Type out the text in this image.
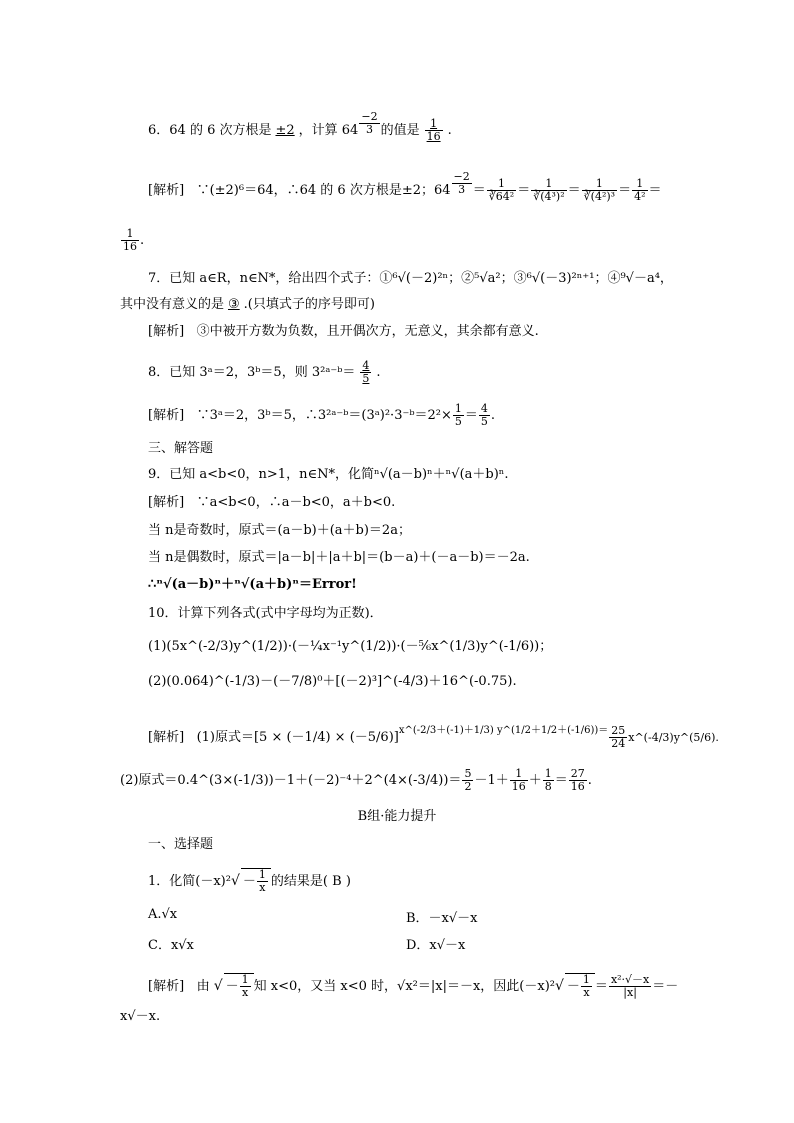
6．64 的 6 次方根是 ±2 ，计算 $64 \frac{-2}{3}$ 的值是 $\frac{1}{16}$ .
[解析] ∵(±2)⁶＝64，∴64 的 6 次方根是±2；$64 \frac{-2}{3} = \frac{1}{\text{∛64²}} = \frac{1}{\text{∛(4³)²}} = \frac{1}{\text{∛(4²)³}} = \frac{1}{\text{4²}}$ ＝
$\frac{1}{16}$ .
7．已知 a∈R，n∈N*，给出四个式子：①⁶√(－2)²ⁿ；②⁵√a²；③⁶√(－3)²ⁿ⁺¹；④⁹√－a⁴，
其中没有意义的是 ③ .(只填式子的序号即可)
[解析] ③中被开方数为负数，且开偶次方，无意义，其余都有意义.
8．已知 3ᵃ＝2，3ᵇ＝5，则 3²ᵃ⁻ᵇ＝ $\frac{4}{5}$ .
[解析] ∵3ᵃ＝2，3ᵇ＝5，∴3²ᵃ⁻ᵇ＝(3ᵃ)²·3⁻ᵇ＝2²× $\frac{1}{5} = \frac{4}{5}$ .
三、解答题
9．已知 a<b<0，n>1，n∈N*，化简ⁿ√(a－b)ⁿ＋ⁿ√(a＋b)ⁿ.
[解析] ∵a<b<0，∴a－b<0，a＋b<0.
当 n是奇数时，原式＝(a－b)＋(a＋b)＝2a；
当 n是偶数时，原式＝|a－b|＋|a＋b|＝(b－a)＋(－a－b)＝－2a.
∴ⁿ√(a－b)ⁿ＋ⁿ√(a＋b)ⁿ＝Error!
10．计算下列各式(式中字母均为正数)．
(1)(5x^(-2/3)y^(1/2))·(－¼x⁻¹y^(1/2))·(－⅚x^(1/3)y^(-1/6))；
(2)(0.064)^(-1/3)－(－7/8)⁰＋[(－2)³]^(-4/3)＋16^(-0.75).
[解析] (1)原式$=[5 \times (-1/4) \times (-5/6)]^{x\^{}(-2/3+(-1)+1/3) y\^{}(1/2+1/2+(-1/6))=} \frac{25}{24}$ x^(-4/3)y^(5/6).
(2)原式＝0.4^(3×(-1/3))－1＋(－2)⁻⁴＋2^(4×(-3/4))＝ $\frac{5}{2} -1+ \frac{1}{16} + \frac{1}{8} = \frac{27}{16}$ .
B组·能力提升
一、选择题
1．化简$(-x)^2√ - \frac{1}{x}$ 的结果是( B )
A.√x	B．－x√－x
C．x√x	D．x√－x
[解析] 由 √ － $\frac{1}{x}$ 知 x<0，又当 x<0 时，√x²＝|x|＝－x，因此$(-x)^2√ - \frac{1}{x} = \frac{\text{x²·√－x}}{|x|}$ ＝－
x√－x.
